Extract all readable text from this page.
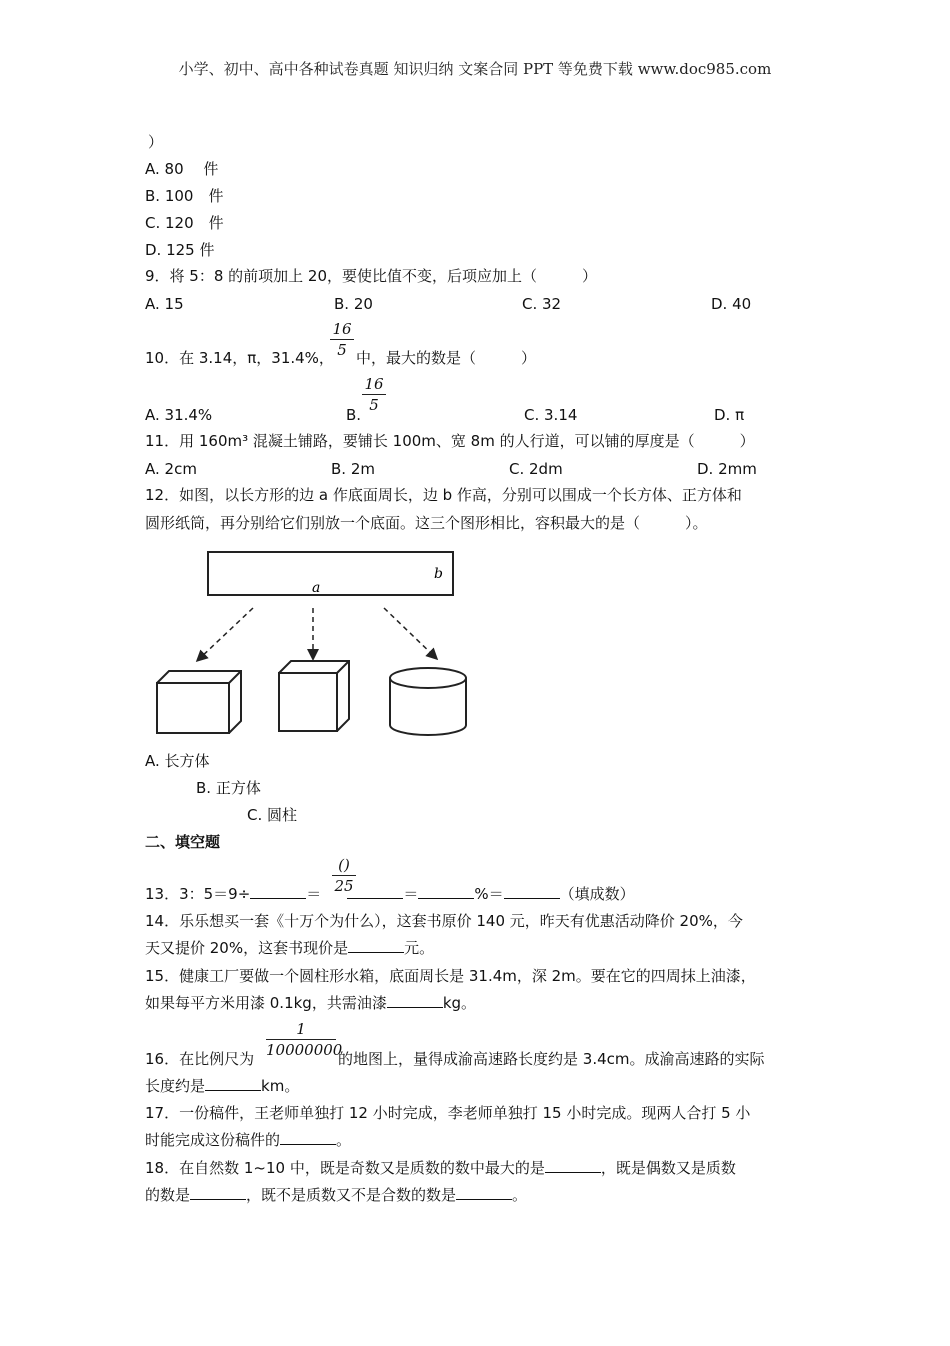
小学、初中、高中各种试卷真题 知识归纳 文案合同 PPT 等免费下载 www.doc985.com
）
A. 80　 件
B. 100　件
C. 120　件
D. 125 件
9．将 5：8 的前项加上 20，要使比值不变，后项应加上（　　　）
A. 15	B. 20	C. 32	D. 40
10．在 3.14，π，31.4%，
16
5 中，最大的数是（　　　）
A. 31.4%	B.
16
5
C. 3.14	D. π
11．用 160m³ 混凝土铺路，要铺长 100m、宽 8m 的人行道，可以铺的厚度是（　　　）
A. 2cm	B. 2m	C. 2dm	D. 2mm
12．如图，以长方形的边 a 作底面周长，边 b 作高，分别可以围成一个长方体、正方体和
圆形纸筒，再分别给它们别放一个底面。这三个图形相比，容积最大的是（　　　）。
a
b
A. 长方体
B. 正方体
C. 圆柱
二、填空题
()
25
13．3：5＝9÷	＝	＝	%＝	（填成数）
14．乐乐想买一套《十万个为什么），这套书原价 140 元，昨天有优惠活动降价 20%，今
天又提价 20%，这套书现价是	元。
15．健康工厂要做一个圆柱形水箱，底面周长是 31.4m，深 2m。要在它的四周抹上油漆，
如果每平方米用漆 0.1kg，共需油漆	kg。
1
10000000
16．在比例尺为	的地图上，量得成渝高速路长度约是 3.4cm。成渝高速路的实际
长度约是	km。
17．一份稿件，王老师单独打 12 小时完成，李老师单独打 15 小时完成。现两人合打 5 小
时能完成这份稿件的	。
18．在自然数 1~10 中，既是奇数又是质数的数中最大的是	，既是偶数又是质数
的数是	，既不是质数又不是合数的数是	。
